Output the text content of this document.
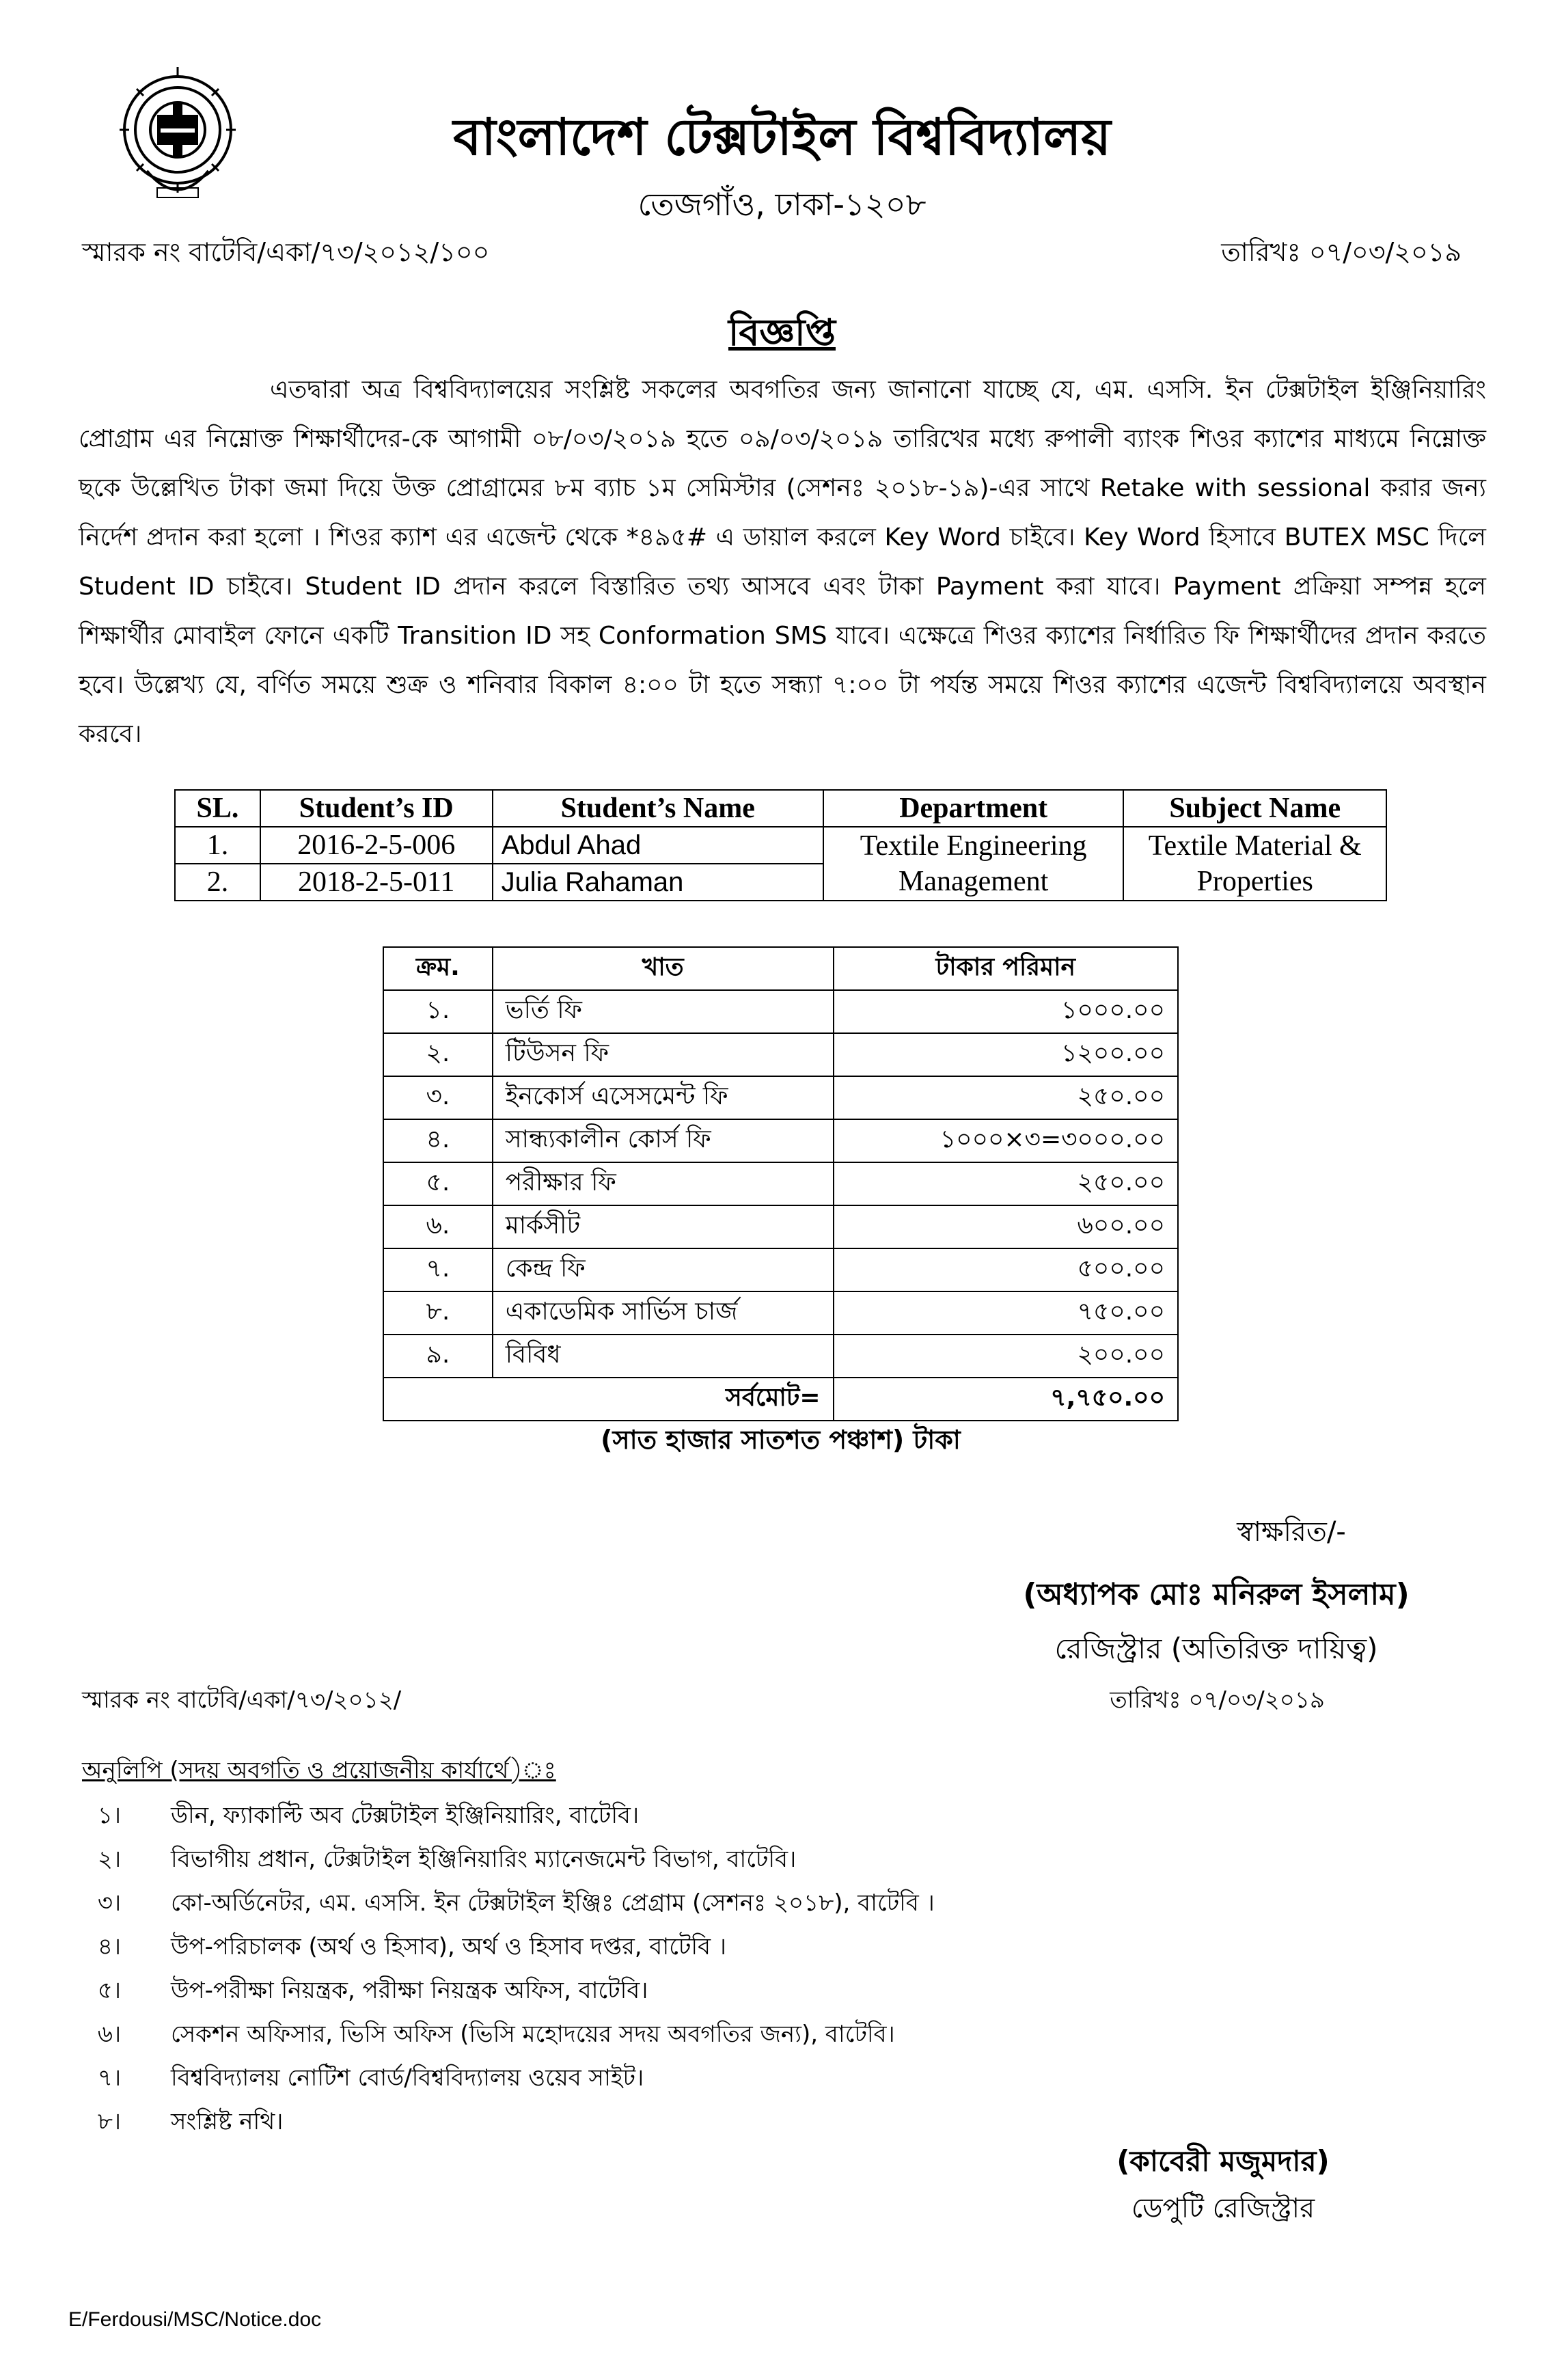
বাংলাদেশ টেক্সটাইল বিশ্ববিদ্যালয়
তেজগাঁও, ঢাকা-১২০৮
স্মারক নং বাটেবি/একা/৭৩/২০১২/১০০	তারিখঃ ০৭/০৩/২০১৯
বিজ্ঞপ্তি
এতদ্বারা অত্র বিশ্ববিদ্যালয়ের সংশ্লিষ্ট সকলের অবগতির জন্য জানানো যাচ্ছে যে, এম. এসসি. ইন টেক্সটাইল ইঞ্জিনিয়ারিং প্রোগ্রাম এর নিম্নোক্ত শিক্ষার্থীদের-কে আগামী ০৮/০৩/২০১৯ হতে ০৯/০৩/২০১৯ তারিখের মধ্যে রুপালী ব্যাংক শিওর ক্যাশের মাধ্যমে নিম্নোক্ত ছকে উল্লেখিত টাকা জমা দিয়ে উক্ত প্রোগ্রামের ৮ম ব্যাচ ১ম সেমিস্টার (সেশনঃ ২০১৮-১৯)-এর সাথে Retake with sessional করার জন্য নির্দেশ প্রদান করা হলো । শিওর ক্যাশ এর এজেন্ট থেকে *৪৯৫# এ ডায়াল করলে Key Word চাইবে। Key Word হিসাবে BUTEX MSC দিলে Student ID চাইবে। Student ID প্রদান করলে বিস্তারিত তথ্য আসবে এবং টাকা Payment করা যাবে। Payment প্রক্রিয়া সম্পন্ন হলে শিক্ষার্থীর মোবাইল ফোনে একটি Transition ID সহ Conformation SMS যাবে। এক্ষেত্রে শিওর ক্যাশের নির্ধারিত ফি শিক্ষার্থীদের প্রদান করতে হবে। উল্লেখ্য যে, বর্ণিত সময়ে শুক্র ও শনিবার বিকাল ৪:০০ টা হতে সন্ধ্যা ৭:০০ টা পর্যন্ত সময়ে শিওর ক্যাশের এজেন্ট বিশ্ববিদ্যালয়ে অবস্থান করবে।
SL.	Student’s ID	Student’s Name	Department	Subject Name
1.	2016-2-5-006	Abdul Ahad	Textile Engineering Management	Textile Material & Properties
2.	2018-2-5-011	Julia Rahaman		
ক্রম.	খাত	টাকার পরিমান
১.	ভর্তি ফি	১০০০.০০
২.	টিউসন ফি	১২০০.০০
৩.	ইনকোর্স এসেসমেন্ট ফি	২৫০.০০
৪.	সান্ধ্যকালীন কোর্স ফি	১০০০×৩=৩০০০.০০
৫.	পরীক্ষার ফি	২৫০.০০
৬.	মার্কসীট	৬০০.০০
৭.	কেন্দ্র ফি	৫০০.০০
৮.	একাডেমিক সার্ভিস চার্জ	৭৫০.০০
৯.	বিবিধ	২০০.০০
সর্বমোট=		৭,৭৫০.০০
(সাত হাজার সাতশত পঞ্চাশ) টাকা
স্বাক্ষরিত/-
(অধ্যাপক মোঃ মনিরুল ইসলাম)
রেজিস্ট্রার (অতিরিক্ত দায়িত্ব)
স্মারক নং বাটেবি/একা/৭৩/২০১২/	তারিখঃ ০৭/০৩/২০১৯
অনুলিপি (সদয় অবগতি ও প্রয়োজনীয় কার্যার্থে)ঃ
১।	ডীন, ফ্যাকাল্টি অব টেক্সটাইল ইঞ্জিনিয়ারিং, বাটেবি।
২।	বিভাগীয় প্রধান, টেক্সটাইল ইঞ্জিনিয়ারিং ম্যানেজমেন্ট বিভাগ, বাটেবি।
৩।	কো-অর্ডিনেটর, এম. এসসি. ইন টেক্সটাইল ইঞ্জিঃ প্রেগ্রাম (সেশনঃ ২০১৮), বাটেবি ।
৪।	উপ-পরিচালক (অর্থ ও হিসাব), অর্থ ও হিসাব দপ্তর, বাটেবি ।
৫।	উপ-পরীক্ষা নিয়ন্ত্রক, পরীক্ষা নিয়ন্ত্রক অফিস, বাটেবি।
৬।	সেকশন অফিসার, ভিসি অফিস (ভিসি মহোদয়ের সদয় অবগতির জন্য), বাটেবি।
৭।	বিশ্ববিদ্যালয় নোটিশ বোর্ড/বিশ্ববিদ্যালয় ওয়েব সাইট।
৮।	সংশ্লিষ্ট নথি।
(কাবেরী মজুমদার)
ডেপুটি রেজিস্ট্রার
E/Ferdousi/MSC/Notice.doc
